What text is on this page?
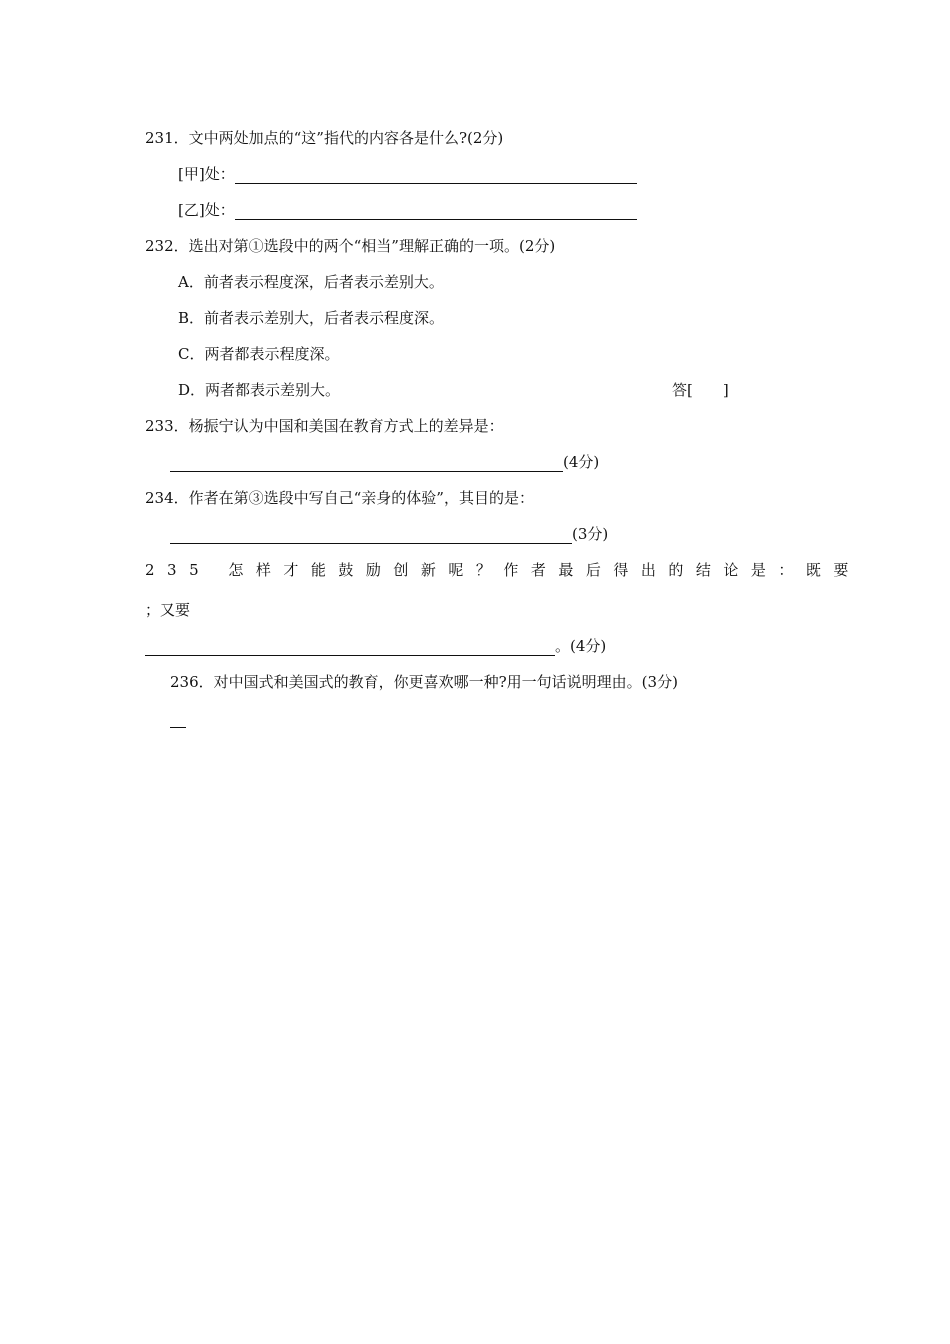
231．文中两处加点的“这”指代的内容各是什么?(2分)
[甲]处：
[乙]处：
232．选出对第①选段中的两个“相当”理解正确的一项。(2分)
A．前者表示程度深，后者表示差别大。
B．前者表示差别大，后者表示程度深。
C．两者都表示程度深。
D．两者都表示差别大。	答[　　]
233．杨振宁认为中国和美国在教育方式上的差异是：
(4分)
234．作者在第③选段中写自己“亲身的体验”，其目的是：
(3分)
235 怎样才能鼓励创新呢？作者最后得出的结论是：既要
；又要
。(4分)
236．对中国式和美国式的教育，你更喜欢哪一种?用一句话说明理由。(3分)
